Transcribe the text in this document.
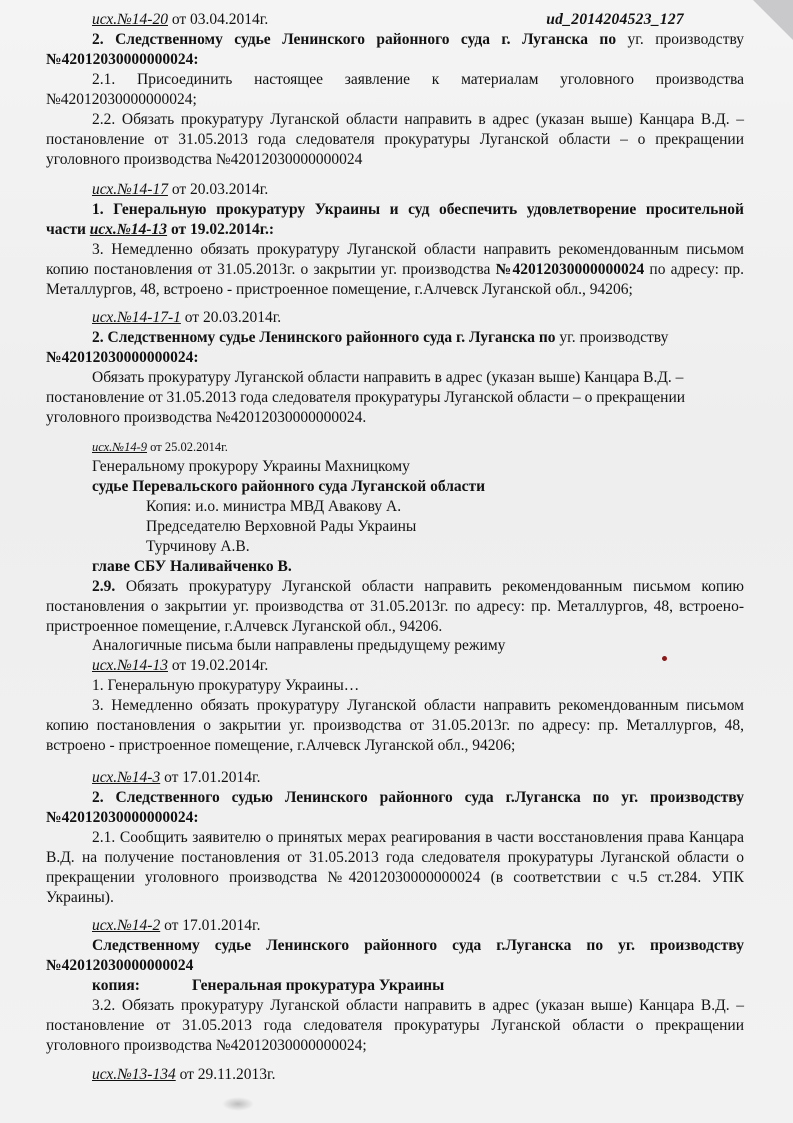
исх.№14-20 от 03.04.2014г.	ud_2014204523_127

2. Следственному судье Ленинского районного суда г. Луганска по уг. производству

№42012030000000024:

2.1. Присоединить настоящее заявление к материалам уголовного производства №42012030000000024;

2.2. Обязать прокуратуру Луганской области направить в адрес (указан выше) Канцара В.Д. – постановление от 31.05.2013 года следователя прокуратуры Луганской области – о прекращении уголовного производства №42012030000000024

исх.№14-17 от 20.03.2014г.

1. Генеральную прокуратуру Украины и суд обеспечить удовлетворение просительной

части исх.№14-13 от 19.02.2014г.:

3. Немедленно обязать прокуратуру Луганской области направить рекомендованным письмом копию постановления от 31.05.2013г. о закрытии уг. производства №42012030000000024 по адресу: пр. Металлургов, 48, встроено - пристроенное помещение, г.Алчевск Луганской обл., 94206;

исх.№14-17-1 от 20.03.2014г.

2. Следственному судье Ленинского районного суда г. Луганска по уг. производству

№42012030000000024:

Обязать прокуратуру Луганской области направить в адрес (указан выше) Канцара В.Д. – постановление от 31.05.2013 года следователя прокуратуры Луганской области – о прекращении уголовного производства №42012030000000024.

исх.№14-9 от 25.02.2014г.

Генеральному прокурору Украины Махницкому

судье Перевальского районного суда Луганской области

Копия: и.о. министра МВД Авакову А.

Председателю Верховной Рады Украины

Турчинову А.В.

главе СБУ Наливайченко В.

2.9. Обязать прокуратуру Луганской области направить рекомендованным письмом копию постановления о закрытии уг. производства от 31.05.2013г. по адресу: пр. Металлургов, 48, встроено-пристроенное помещение, г.Алчевск Луганской обл., 94206.

Аналогичные письма были направлены предыдущему режиму

исх.№14-13 от 19.02.2014г.

1. Генеральную прокуратуру Украины…

3. Немедленно обязать прокуратуру Луганской области направить рекомендованным письмом копию постановления о закрытии уг. производства от 31.05.2013г. по адресу: пр. Металлургов, 48, встроено - пристроенное помещение, г.Алчевск Луганской обл., 94206;

исх.№14-3 от 17.01.2014г.

2. Следственного судью Ленинского районного суда г.Луганска по уг. производству №42012030000000024:

2.1. Сообщить заявителю о принятых мерах реагирования в части восстановления права Канцара В.Д. на получение постановления от 31.05.2013 года следователя прокуратуры Луганской области о прекращении уголовного производства №42012030000000024 (в соответствии с ч.5 ст.284. УПК Украины).

исх.№14-2 от 17.01.2014г.

Следственному судье Ленинского районного суда г.Луганска по уг. производству №42012030000000024

копия:	Генеральная прокуратура Украины

3.2. Обязать прокуратуру Луганской области направить в адрес (указан выше) Канцара В.Д. – постановление от 31.05.2013 года следователя прокуратуры Луганской области о прекращении уголовного производства №42012030000000024;

исх.№13-134 от 29.11.2013г.
